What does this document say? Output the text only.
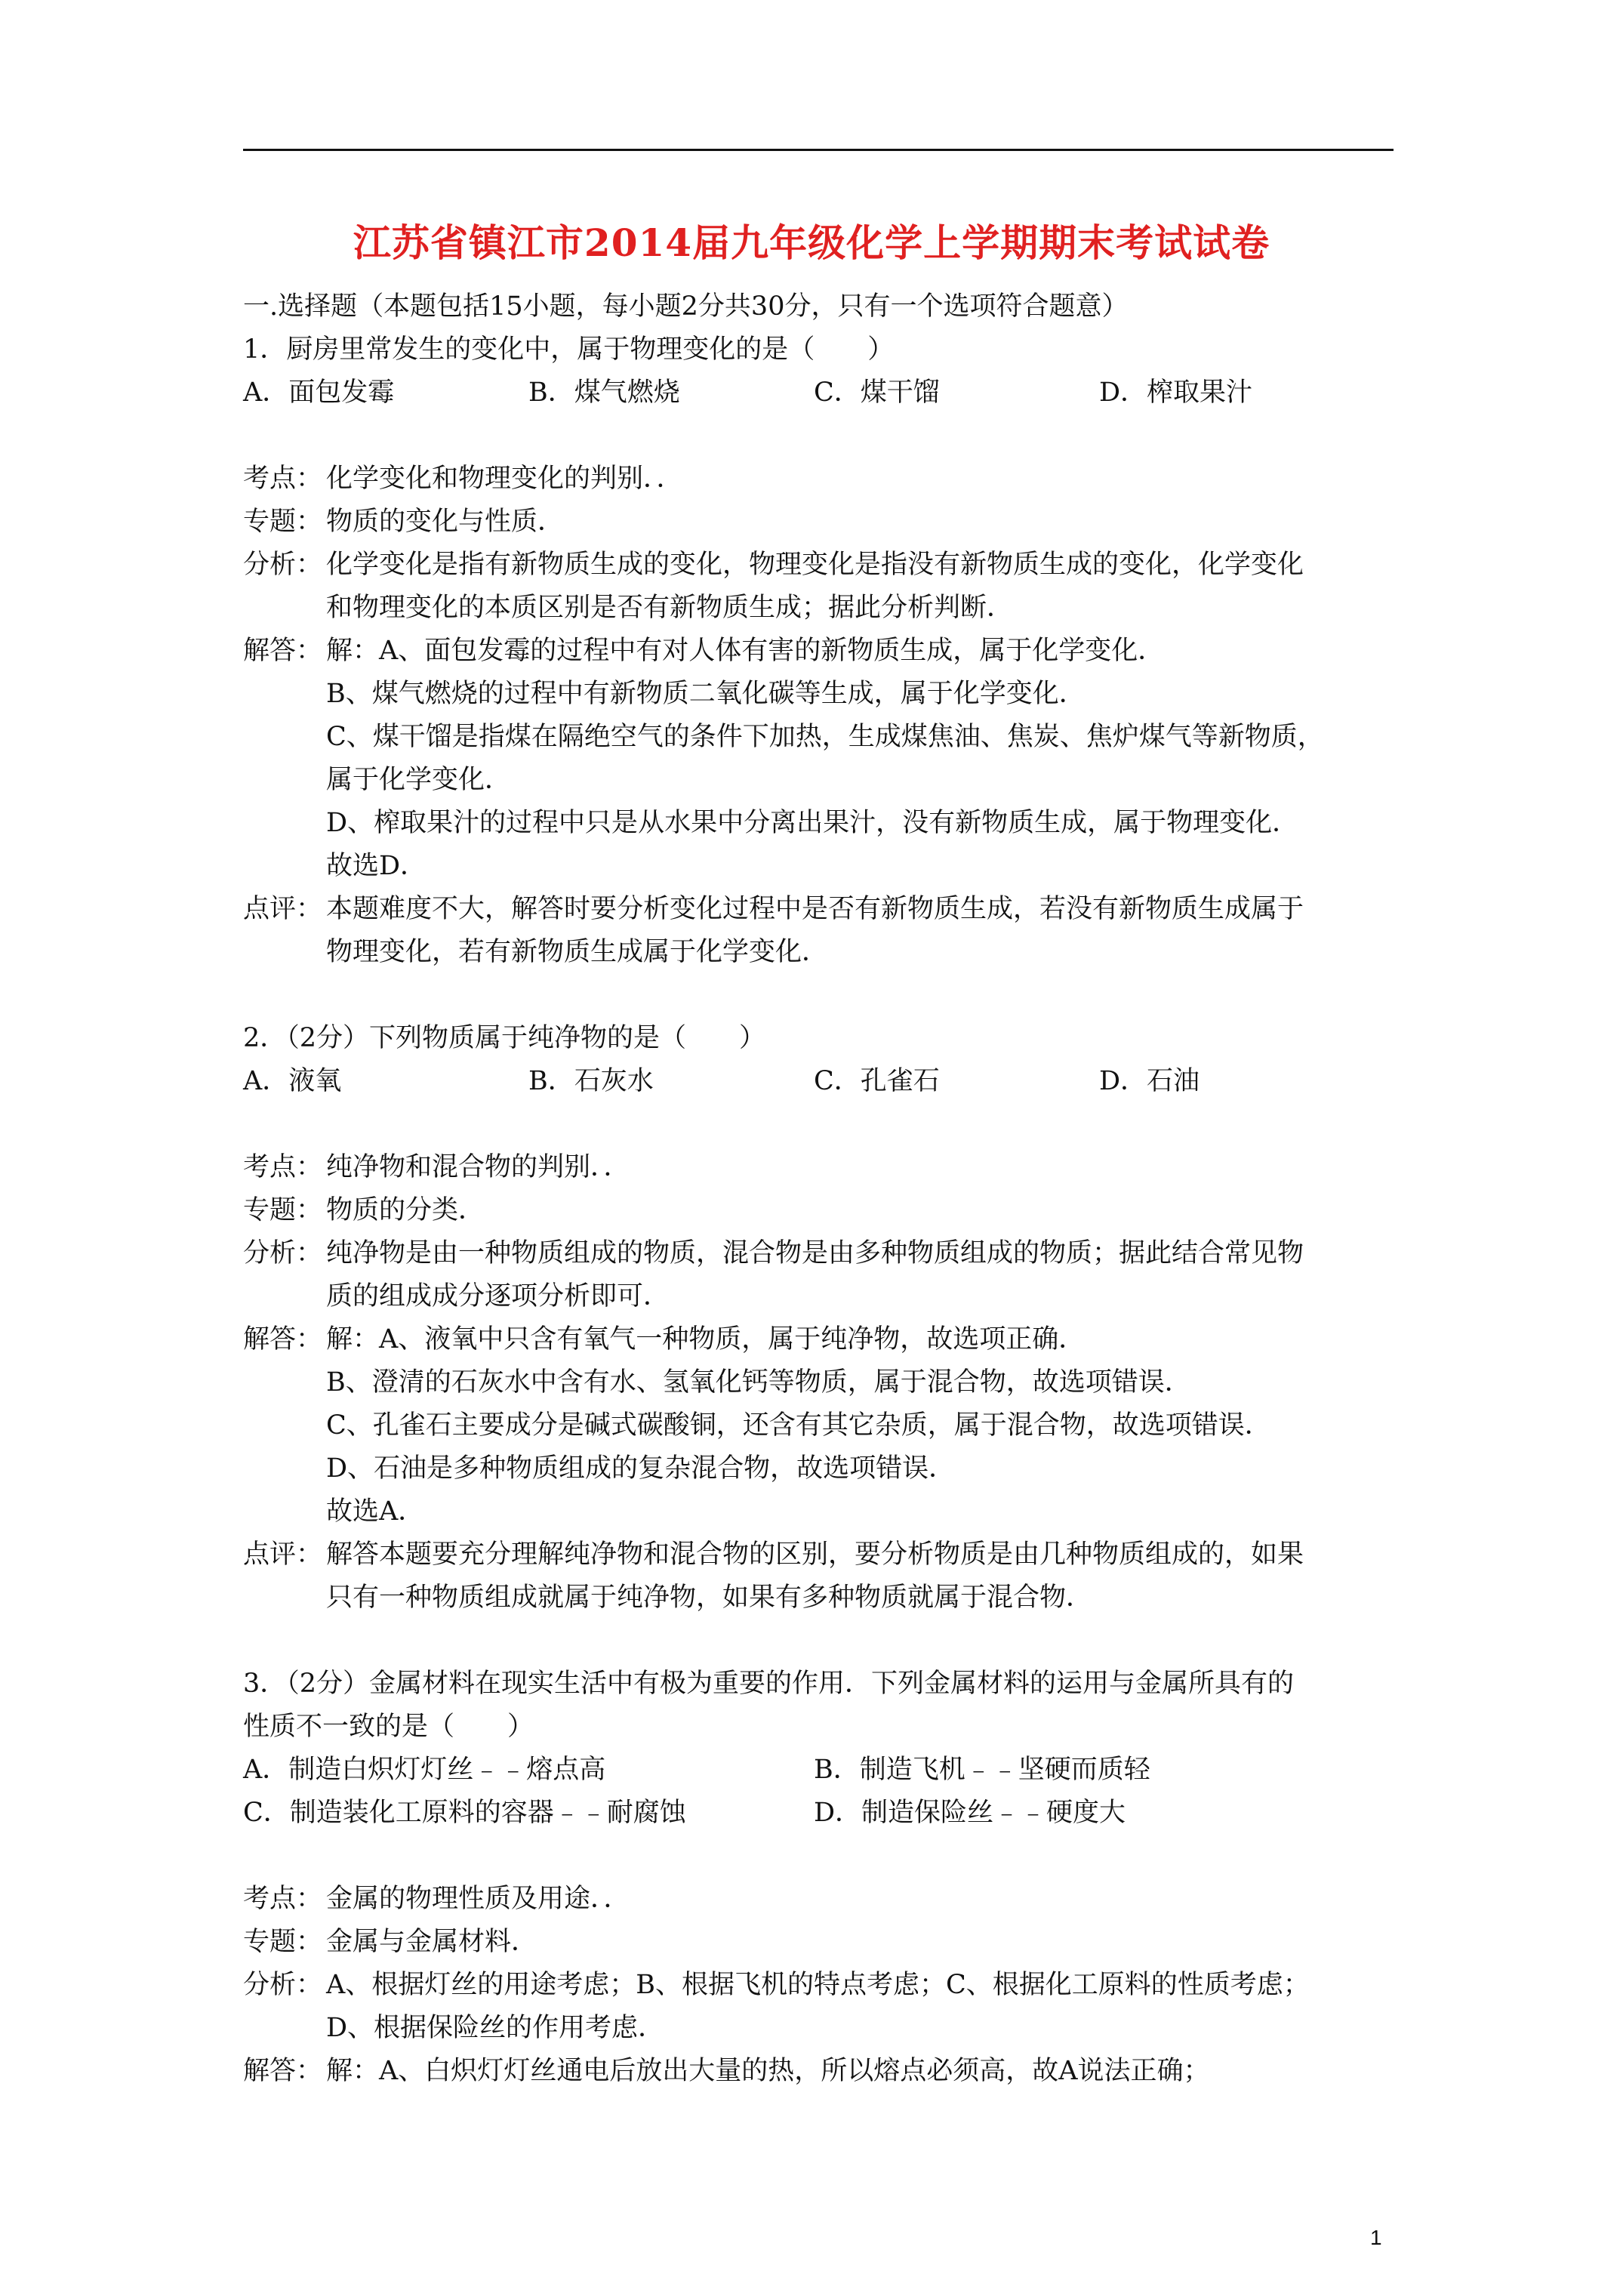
江苏省镇江市2014届九年级化学上学期期末考试试卷
一.选择题（本题包括15小题，每小题2分共30分，只有一个选项符合题意）
1．厨房里常发生的变化中，属于物理变化的是（　　）
A．面包发霉	B．煤气燃烧	C．煤干馏	D．榨取果汁
考点： 化学变化和物理变化的判别．．
专题： 物质的变化与性质．
分析： 化学变化是指有新物质生成的变化，物理变化是指没有新物质生成的变化，化学变化
和物理变化的本质区别是否有新物质生成；据此分析判断．
解答： 解：A、面包发霉的过程中有对人体有害的新物质生成，属于化学变化．
B、煤气燃烧的过程中有新物质二氧化碳等生成，属于化学变化．
C、煤干馏是指煤在隔绝空气的条件下加热，生成煤焦油、焦炭、焦炉煤气等新物质，
属于化学变化．
D、榨取果汁的过程中只是从水果中分离出果汁，没有新物质生成，属于物理变化．
故选D．
点评： 本题难度不大，解答时要分析变化过程中是否有新物质生成，若没有新物质生成属于
物理变化，若有新物质生成属于化学变化．
2．（2分）下列物质属于纯净物的是（　　）
A．液氧	B．石灰水	C．孔雀石	D．石油
考点： 纯净物和混合物的判别．．
专题： 物质的分类．
分析： 纯净物是由一种物质组成的物质，混合物是由多种物质组成的物质；据此结合常见物
质的组成成分逐项分析即可．
解答： 解：A、液氧中只含有氧气一种物质，属于纯净物，故选项正确．
B、澄清的石灰水中含有水、氢氧化钙等物质，属于混合物，故选项错误．
C、孔雀石主要成分是碱式碳酸铜，还含有其它杂质，属于混合物，故选项错误．
D、石油是多种物质组成的复杂混合物，故选项错误．
故选A．
点评： 解答本题要充分理解纯净物和混合物的区别，要分析物质是由几种物质组成的，如果
只有一种物质组成就属于纯净物，如果有多种物质就属于混合物．
3．（2分）金属材料在现实生活中有极为重要的作用．下列金属材料的运用与金属所具有的
性质不一致的是（　　）
A．制造白炽灯灯丝﹣﹣熔点高	B．制造飞机﹣﹣坚硬而质轻
C．制造装化工原料的容器﹣﹣耐腐蚀	D．制造保险丝﹣﹣硬度大
考点： 金属的物理性质及用途．．
专题： 金属与金属材料．
分析： A、根据灯丝的用途考虑；B、根据飞机的特点考虑；C、根据化工原料的性质考虑；
D、根据保险丝的作用考虑．
解答： 解：A、白炽灯灯丝通电后放出大量的热，所以熔点必须高，故A说法正确；
1
